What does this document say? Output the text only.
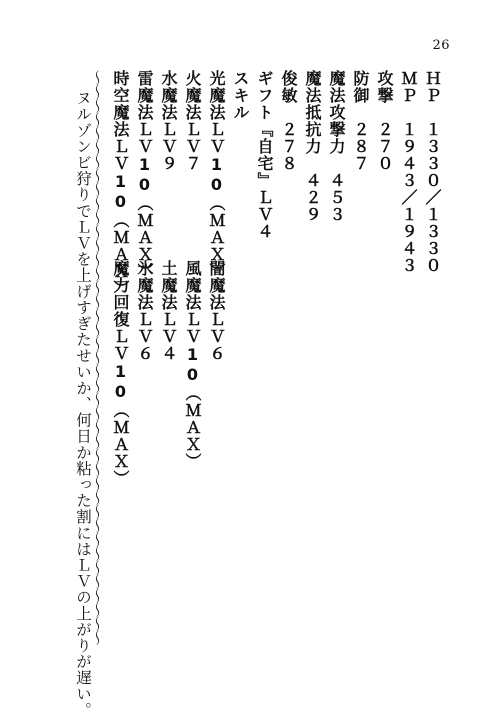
26
ＨＰ　１３３０／１３３０
ＭＰ　１９４３／１９４３
攻撃　２７０
防御　２８７
魔法攻撃力　４５３
魔法抵抗力　４２９
俊敏　２７８
ギフト『自宅』ＬＶ４
スキル
光魔法ＬＶ10（ＭＡＸ）
闇魔法ＬＶ６
火魔法ＬＶ７
風魔法ＬＶ10（ＭＡＸ）
水魔法ＬＶ９
土魔法ＬＶ４
雷魔法ＬＶ10（ＭＡＸ）
氷魔法ＬＶ６
時空魔法ＬＶ10（ＭＡＸ）
魔力回復ＬＶ10（ＭＡＸ）
〜〜〜〜〜〜〜〜〜〜〜〜〜〜〜〜〜〜〜〜〜〜〜〜〜〜〜〜〜〜〜〜〜〜〜〜〜〜〜〜〜
ヌルゾンビ狩りでＬＶを上げすぎたせいか、何日か粘った割にはＬＶの上がりが遅い。
